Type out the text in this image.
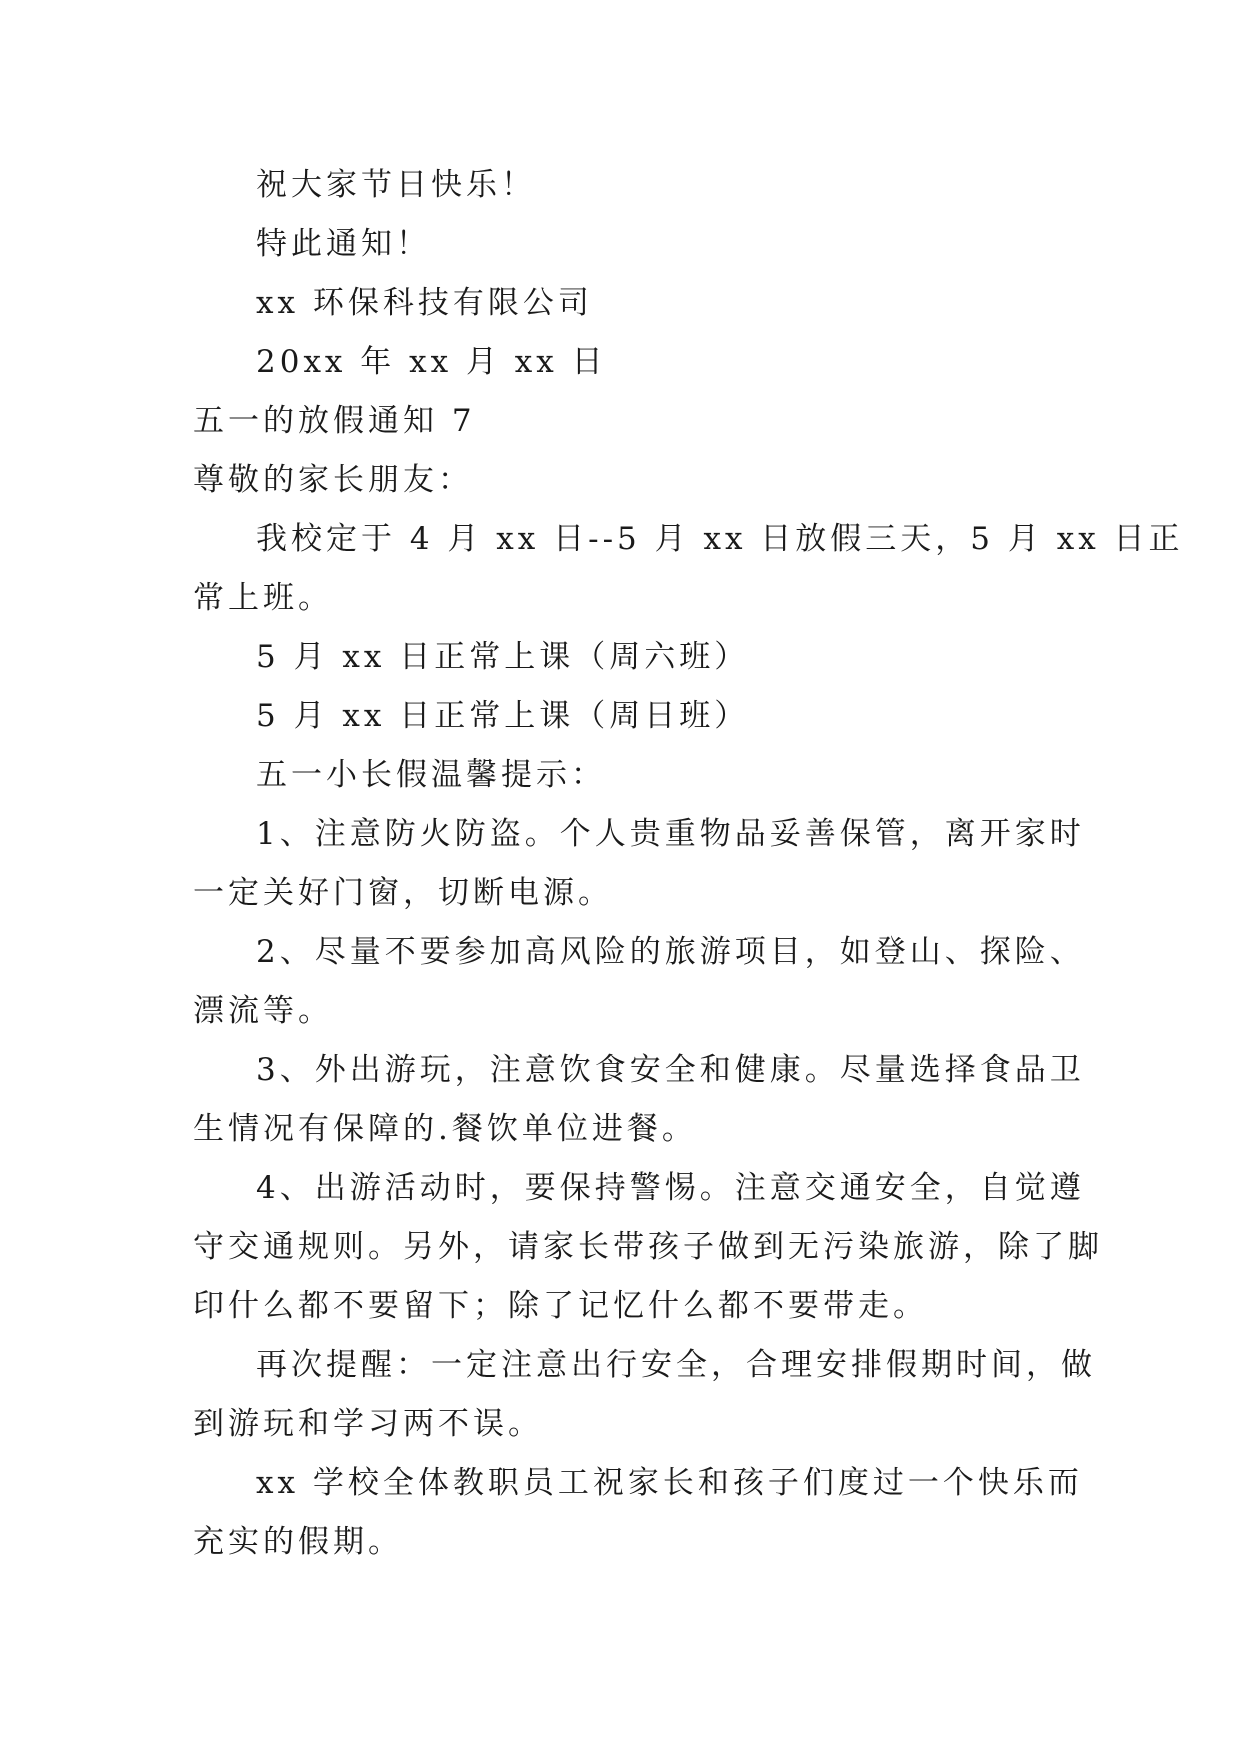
祝大家节日快乐！
特此通知！
xx 环保科技有限公司
20xx 年 xx 月 xx 日
五一的放假通知 7
尊敬的家长朋友：
我校定于 4 月 xx 日--5 月 xx 日放假三天，5 月 xx 日正
常上班。
5 月 xx 日正常上课（周六班）
5 月 xx 日正常上课（周日班）
五一小长假温馨提示：
1、注意防火防盗。个人贵重物品妥善保管，离开家时
一定关好门窗，切断电源。
2、尽量不要参加高风险的旅游项目，如登山、探险、
漂流等。
3、外出游玩，注意饮食安全和健康。尽量选择食品卫
生情况有保障的.餐饮单位进餐。
4、出游活动时，要保持警惕。注意交通安全，自觉遵
守交通规则。另外，请家长带孩子做到无污染旅游，除了脚
印什么都不要留下；除了记忆什么都不要带走。
再次提醒：一定注意出行安全，合理安排假期时间，做
到游玩和学习两不误。
xx 学校全体教职员工祝家长和孩子们度过一个快乐而
充实的假期。
